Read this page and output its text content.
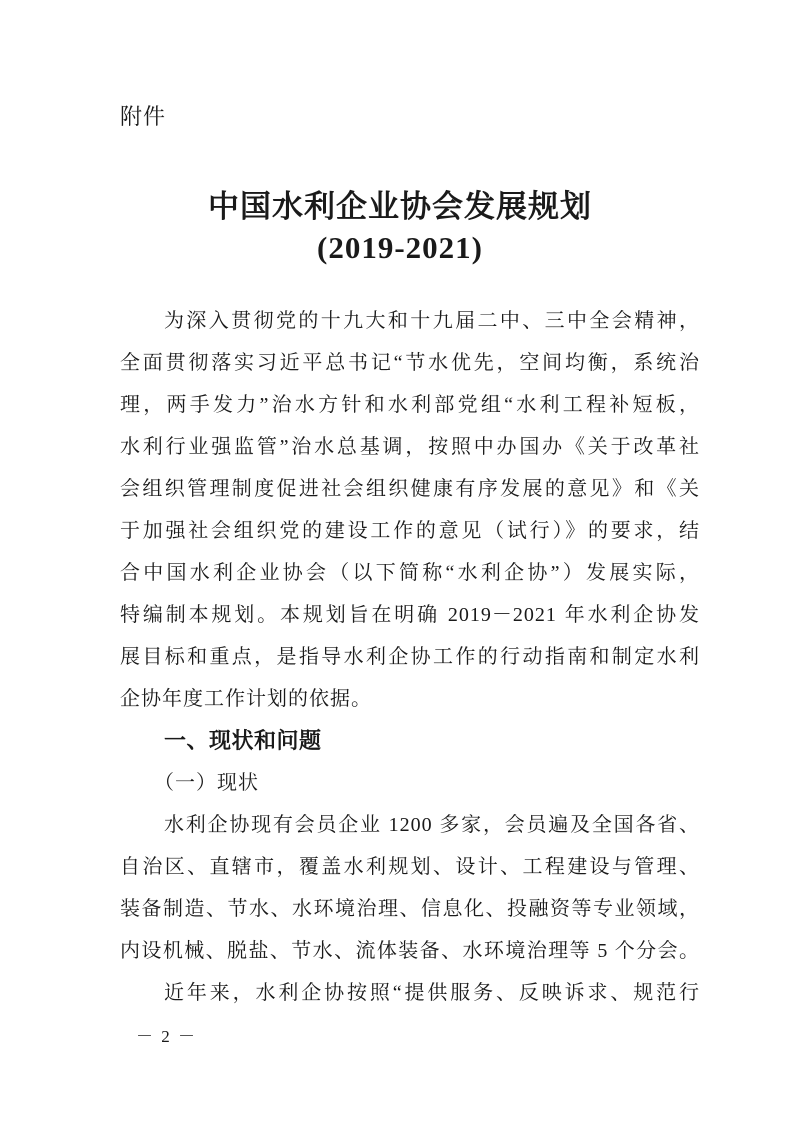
附件
中国水利企业协会发展规划
(2019-2021)
为深入贯彻党的十九大和十九届二中、三中全会精神，
全面贯彻落实习近平总书记“节水优先，空间均衡，系统治
理，两手发力”治水方针和水利部党组“水利工程补短板，
水利行业强监管”治水总基调，按照中办国办《关于改革社
会组织管理制度促进社会组织健康有序发展的意见》和《关
于加强社会组织党的建设工作的意见（试行）》的要求，结
合中国水利企业协会（以下简称“水利企协”）发展实际，
特编制本规划。本规划旨在明确 2019－2021 年水利企协发
展目标和重点，是指导水利企协工作的行动指南和制定水利
企协年度工作计划的依据。
一、现状和问题
（一）现状
水利企协现有会员企业 1200 多家，会员遍及全国各省、
自治区、直辖市，覆盖水利规划、设计、工程建设与管理、
装备制造、节水、水环境治理、信息化、投融资等专业领域，
内设机械、脱盐、节水、流体装备、水环境治理等 5 个分会。
近年来，水利企协按照“提供服务、反映诉求、规范行
－ 2 －
